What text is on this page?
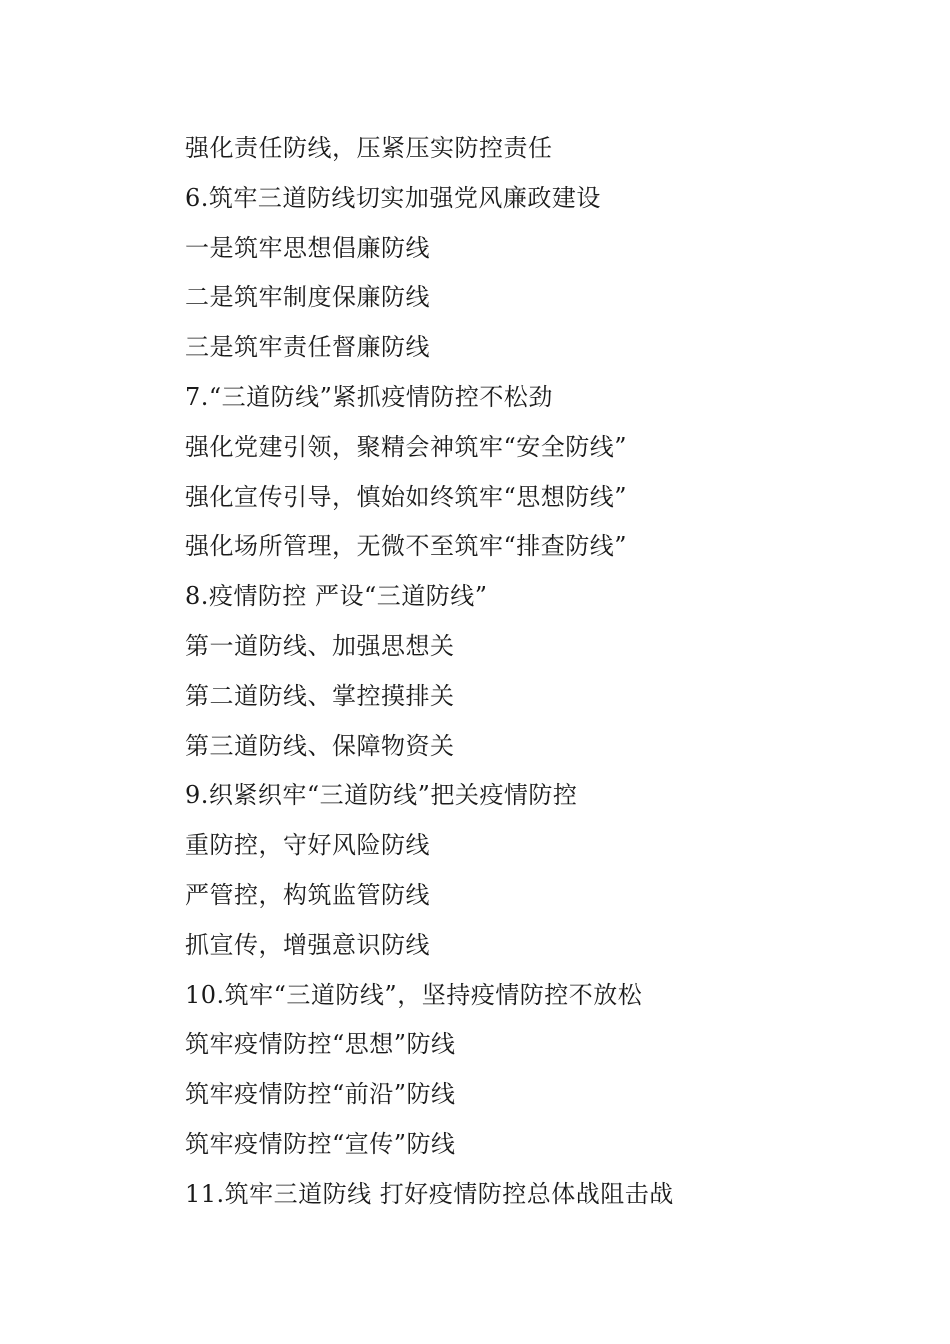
强化责任防线，压紧压实防控责任
6.筑牢三道防线切实加强党风廉政建设
一是筑牢思想倡廉防线
二是筑牢制度保廉防线
三是筑牢责任督廉防线
7.“三道防线”紧抓疫情防控不松劲
强化党建引领，聚精会神筑牢“安全防线”
强化宣传引导，慎始如终筑牢“思想防线”
强化场所管理，无微不至筑牢“排查防线”
8.疫情防控 严设“三道防线”
第一道防线、加强思想关
第二道防线、掌控摸排关
第三道防线、保障物资关
9.织紧织牢“三道防线”把关疫情防控
重防控，守好风险防线
严管控，构筑监管防线
抓宣传，增强意识防线
10.筑牢“三道防线”，坚持疫情防控不放松
筑牢疫情防控“思想”防线
筑牢疫情防控“前沿”防线
筑牢疫情防控“宣传”防线
11.筑牢三道防线 打好疫情防控总体战阻击战
